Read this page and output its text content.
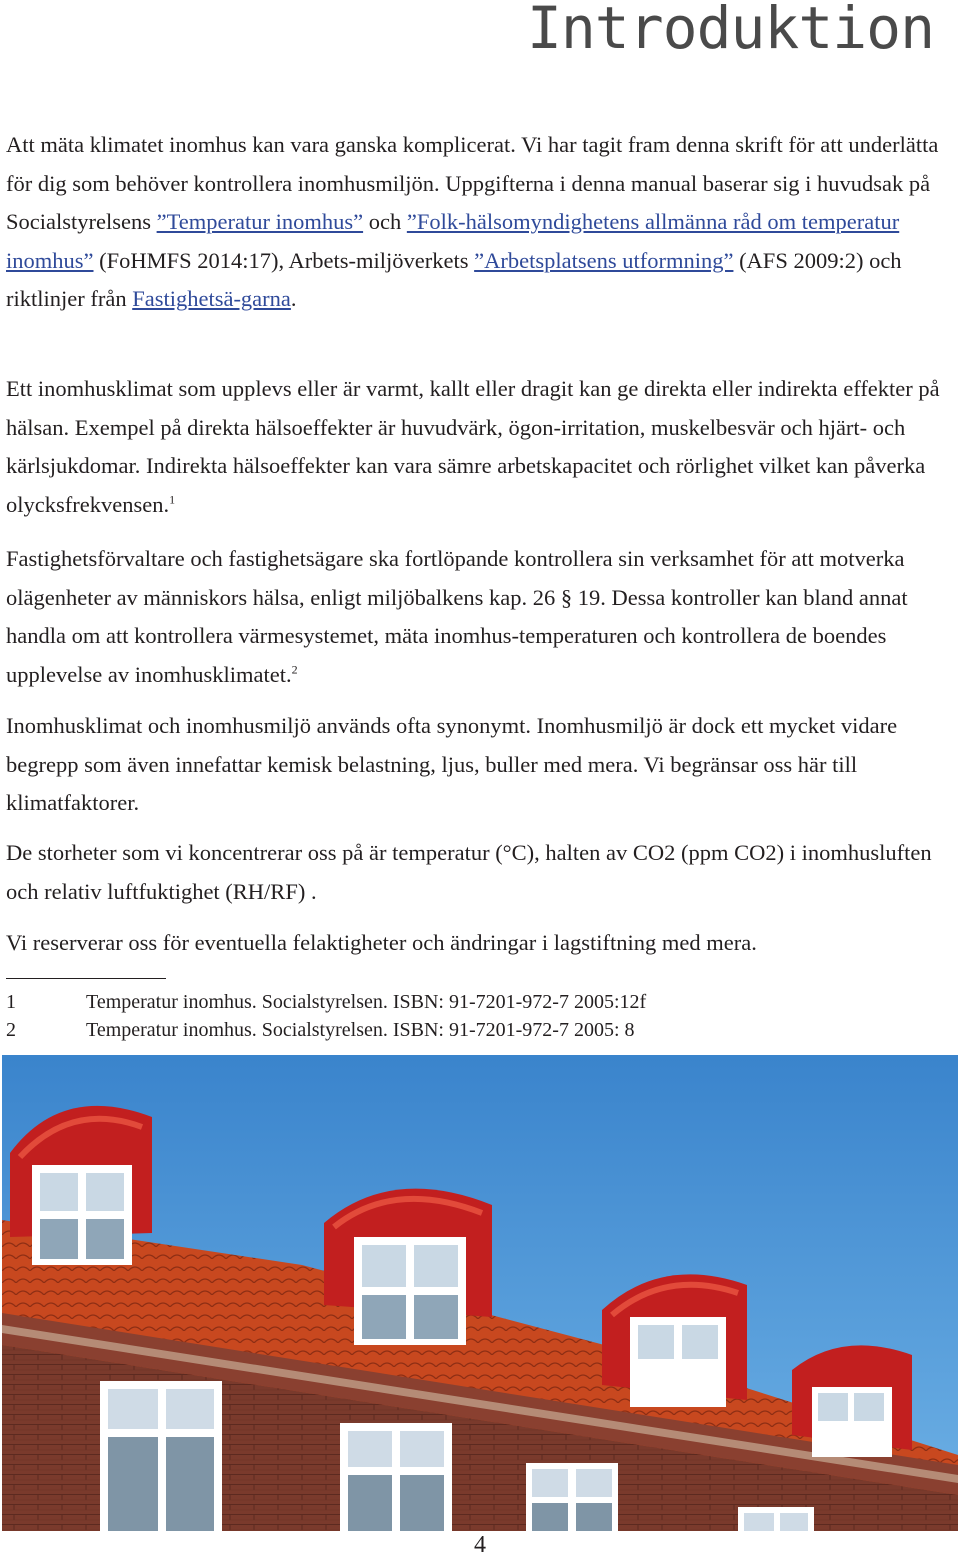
Introduktion

Att mäta klimatet inomhus kan vara ganska komplicerat. Vi har tagit fram denna skrift för att underlätta för dig som behöver kontrollera inomhusmiljön. Uppgifterna i denna manual baserar sig i huvudsak på Socialstyrelsens ”Temperatur inomhus” och ”Folk-hälsomyndighetens allmänna råd om temperatur inomhus” (FoHMFS 2014:17), Arbets-miljöverkets ”Arbetsplatsens utformning” (AFS 2009:2) och riktlinjer från Fastighetsä-garna.

Ett inomhusklimat som upplevs eller är varmt, kallt eller dragit kan ge direkta eller indirekta effekter på hälsan. Exempel på direkta hälsoeffekter är huvudvärk, ögon-irritation, muskelbesvär och hjärt- och kärlsjukdomar. Indirekta hälsoeffekter kan vara sämre arbetskapacitet och rörlighet vilket kan påverka olycksfrekvensen.$^1$

Fastighetsförvaltare och fastighetsägare ska fortlöpande kontrollera sin verksamhet för att motverka olägenheter av människors hälsa, enligt miljöbalkens kap. 26 § 19. Dessa kontroller kan bland annat handla om att kontrollera värmesystemet, mäta inomhus-temperaturen och kontrollera de boendes upplevelse av inomhusklimatet.$^2$

Inomhusklimat och inomhusmiljö används ofta synonymt. Inomhusmiljö är dock ett mycket vidare begrepp som även innefattar kemisk belastning, ljus, buller med mera. Vi begränsar oss här till klimatfaktorer.

De storheter som vi koncentrerar oss på är temperatur (°C), halten av CO2 (ppm CO2) i inomhusluften och relativ luftfuktighet (RH/RF) .

Vi reserverar oss för eventuella felaktigheter och ändringar i lagstiftning med mera.

1	Temperatur inomhus. Socialstyrelsen. ISBN: 91-7201-972-7 2005:12f
2	Temperatur inomhus. Socialstyrelsen. ISBN: 91-7201-972-7 2005: 8
4
